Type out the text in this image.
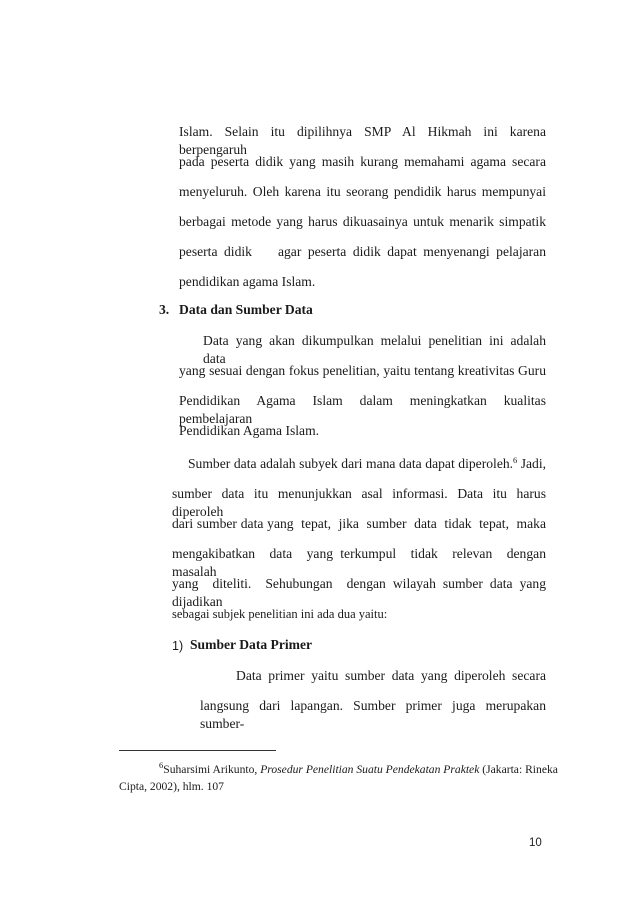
Islam. Selain itu dipilihnya SMP Al Hikmah ini karena berpengaruh
pada peserta didik yang masih kurang memahami agama secara
menyeluruh. Oleh karena itu seorang pendidik harus mempunyai
berbagai metode yang harus dikuasainya untuk menarik simpatik
peserta didik    agar peserta didik dapat menyenangi pelajaran
pendidikan agama Islam.
3. Data dan Sumber Data
Data yang akan dikumpulkan melalui penelitian ini adalah data
yang sesuai dengan fokus penelitian, yaitu tentang kreativitas Guru
Pendidikan Agama Islam dalam meningkatkan kualitas pembelajaran
Pendidikan Agama Islam.
Sumber data adalah subyek dari mana data dapat diperoleh. $^6$ Jadi,
sumber data itu menunjukkan asal informasi. Data itu harus diperoleh
dari sumber data yang  tepat,  jika  sumber  data  tidak  tepat,  maka
mengakibatkan  data  yang terkumpul  tidak  relevan  dengan  masalah
yang  diteliti.  Sehubungan  dengan wilayah sumber data yang dijadikan
sebagai subjek penelitian ini ada dua yaitu:
1) Sumber Data Primer
Data primer yaitu sumber data yang diperoleh secara
langsung dari lapangan. Sumber primer juga merupakan sumber-
$^6$Suharsimi Arikunto, Prosedur Penelitian Suatu Pendekatan Praktek (Jakarta: Rineka
Cipta, 2002), hlm. 107
10
